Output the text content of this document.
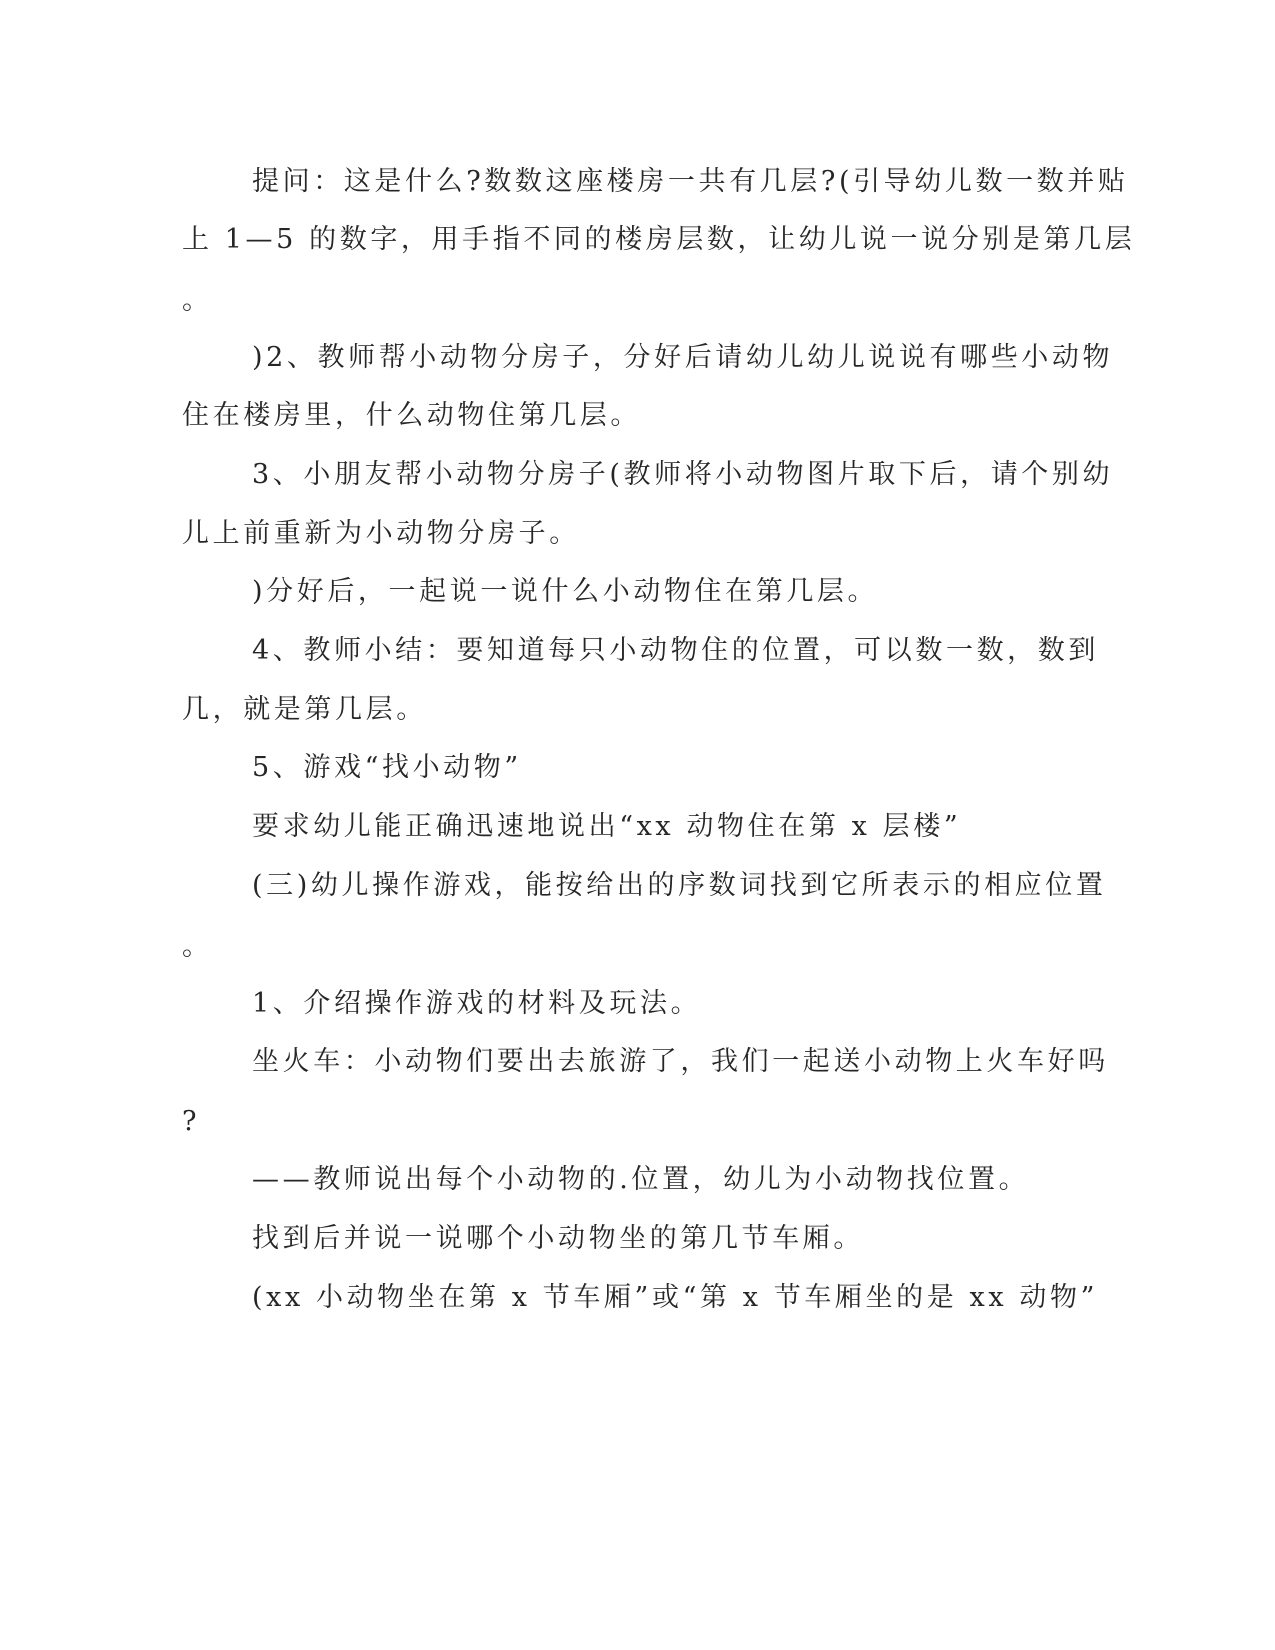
提问：这是什么?数数这座楼房一共有几层?(引导幼儿数一数并贴
上 1—5 的数字，用手指不同的楼房层数，让幼儿说一说分别是第几层
。
)2、教师帮小动物分房子，分好后请幼儿幼儿说说有哪些小动物
住在楼房里，什么动物住第几层。
3、小朋友帮小动物分房子(教师将小动物图片取下后，请个别幼
儿上前重新为小动物分房子。
)分好后，一起说一说什么小动物住在第几层。
4、教师小结：要知道每只小动物住的位置，可以数一数，数到
几，就是第几层。
5、游戏“找小动物”
要求幼儿能正确迅速地说出“xx 动物住在第 x 层楼”
(三)幼儿操作游戏，能按给出的序数词找到它所表示的相应位置
。
1、介绍操作游戏的材料及玩法。
坐火车：小动物们要出去旅游了，我们一起送小动物上火车好吗
?
——教师说出每个小动物的.位置，幼儿为小动物找位置。
找到后并说一说哪个小动物坐的第几节车厢。
(xx 小动物坐在第 x 节车厢”或“第 x 节车厢坐的是 xx 动物”
